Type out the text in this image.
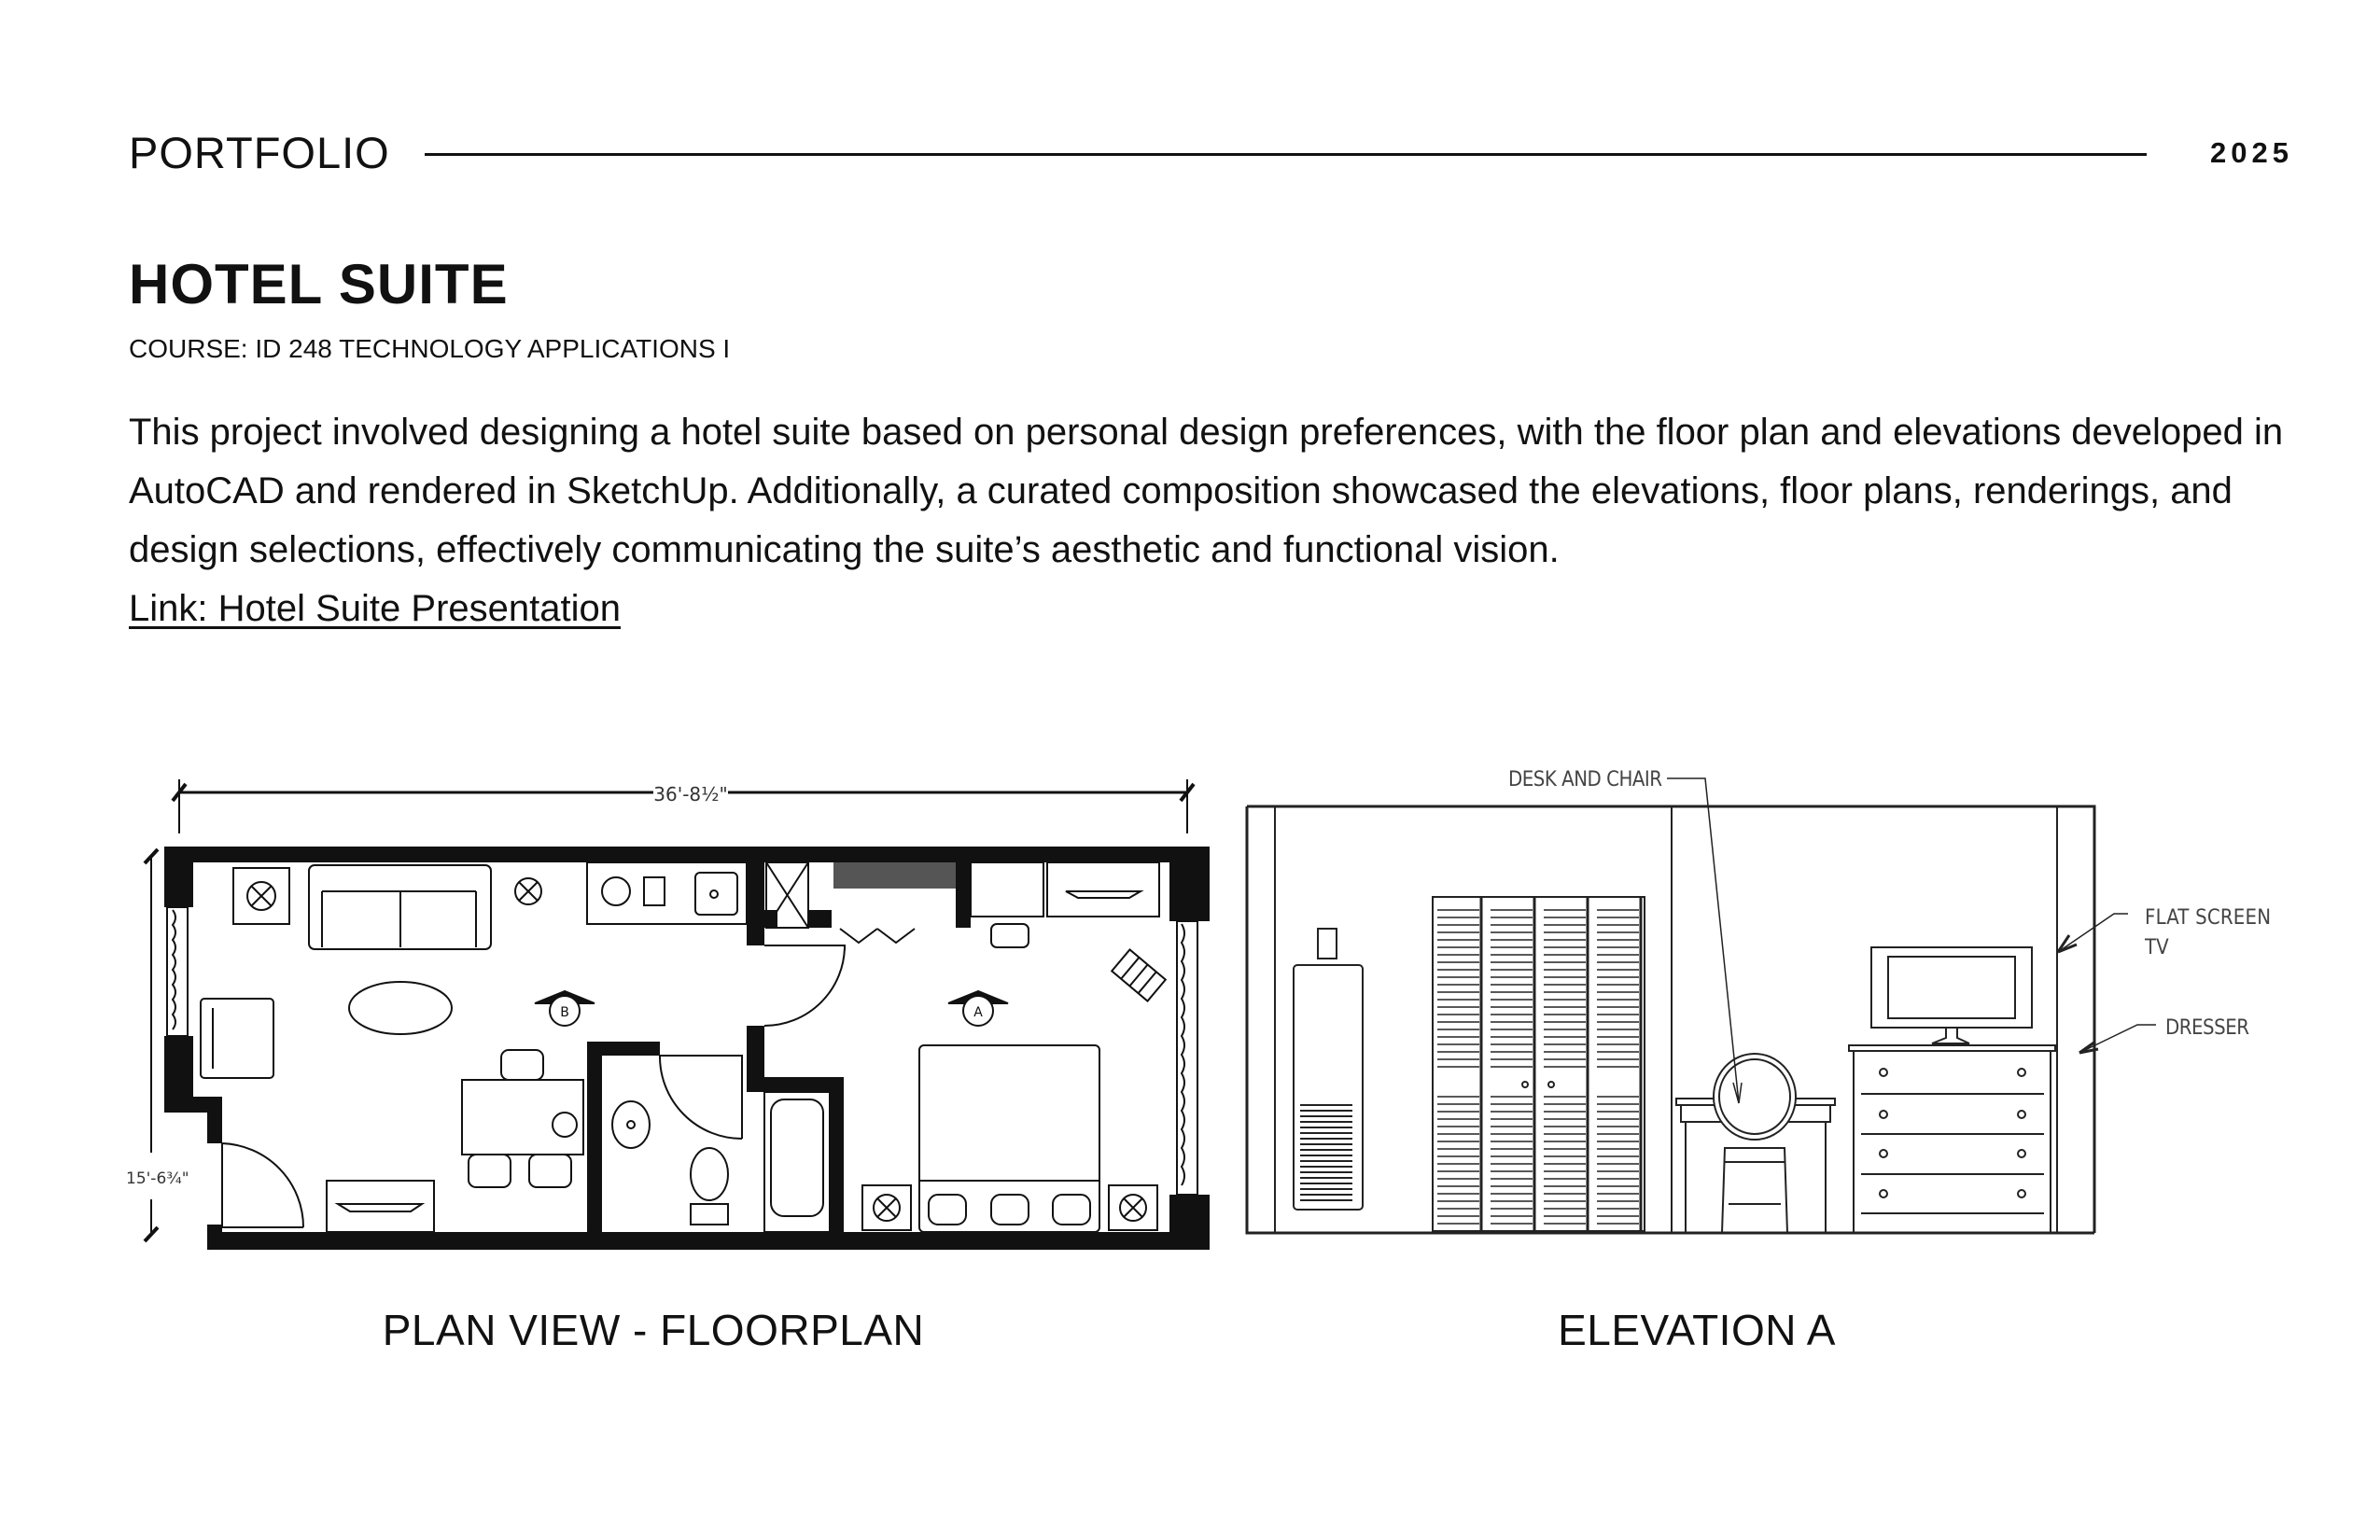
PORTFOLIO	2025
HOTEL SUITE
COURSE: ID 248 TECHNOLOGY APPLICATIONS I

This project involved designing a hotel suite based on personal design preferences, with the floor plan and elevations developed in AutoCAD and rendered in SketchUp. Additionally, a curated composition showcased the elevations, floor plans, renderings, and design selections, effectively communicating the suite’s aesthetic and functional vision.

Link: Hotel Suite Presentation
36'-8½"
15'-6¾"
B	A
DESK AND CHAIR
FLAT SCREEN
TV
DRESSER
PLAN VIEW - FLOORPLAN	ELEVATION A
